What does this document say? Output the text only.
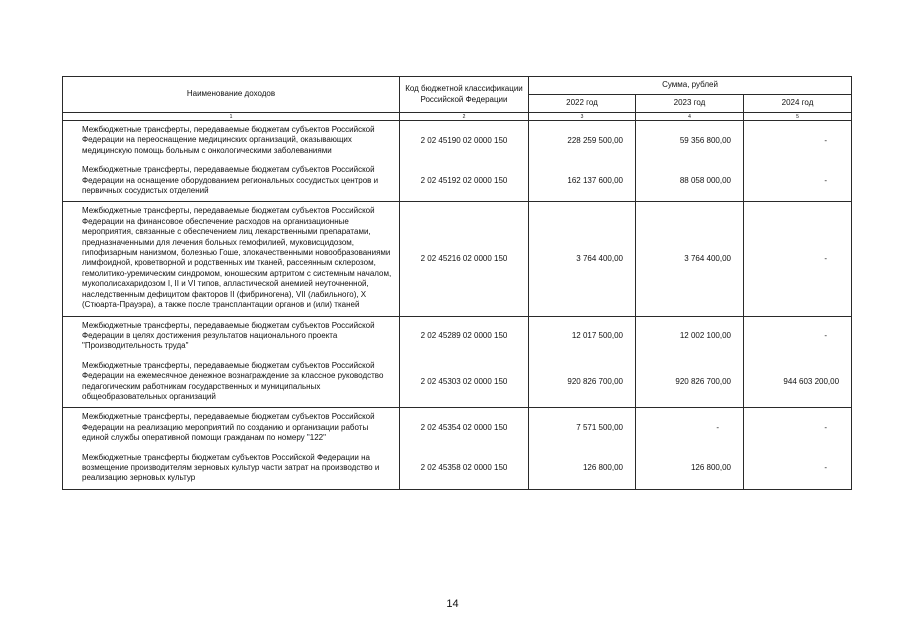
Наименование доходов	Код бюджетной классификации Российской Федерации	Сумма, рублей		
		2022 год	2023 год	2024 год
1	2	3	4	5
Межбюджетные трансферты, передаваемые бюджетам субъектов Российской Федерации на переоснащение медицинских организаций, оказывающих медицинскую помощь больным с онкологическими заболеваниями	2 02 45190 02 0000 150	228 259 500,00	59 356 800,00	-
Межбюджетные трансферты, передаваемые бюджетам субъектов Российской Федерации на оснащение оборудованием региональных сосудистых центров и первичных сосудистых отделений	2 02 45192 02 0000 150	162 137 600,00	88 058 000,00	-
Межбюджетные трансферты, передаваемые бюджетам субъектов Российской Федерации на финансовое обеспечение расходов на организационные мероприятия, связанные с обеспечением лиц лекарственными препаратами, предназначенными для лечения больных гемофилией, муковисцидозом, гипофизарным нанизмом, болезнью Гоше, злокачественными новообразованиями лимфоидной, кроветворной и родственных им тканей, рассеянным склерозом, гемолитико-уремическим синдромом, юношеским артритом с системным началом, мукополисахаридозом I, II и VI типов, апластической анемией неуточненной, наследственным дефицитом факторов II (фибриногена), VII (лабильного), X (Стюарта-Прауэра), а также после трансплантации органов и (или) тканей	2 02 45216 02 0000 150	3 764 400,00	3 764 400,00	-
Межбюджетные трансферты, передаваемые бюджетам субъектов Российской Федерации в целях достижения результатов национального проекта "Производительность труда"	2 02 45289 02 0000 150	12 017 500,00	12 002 100,00	-
Межбюджетные трансферты, передаваемые бюджетам субъектов Российской Федерации на ежемесячное денежное вознаграждение за классное руководство педагогическим работникам государственных и муниципальных общеобразовательных организаций	2 02 45303 02 0000 150	920 826 700,00	920 826 700,00	944 603 200,00
Межбюджетные трансферты, передаваемые бюджетам субъектов Российской Федерации на реализацию мероприятий по созданию и организации работы единой службы оперативной помощи гражданам по номеру "122"	2 02 45354 02 0000 150	7 571 500,00	-	-
Межбюджетные трансферты бюджетам субъектов Российской Федерации на возмещение производителям зерновых культур части затрат на производство и реализацию зерновых культур	2 02 45358 02 0000 150	126 800,00	126 800,00	-
14
